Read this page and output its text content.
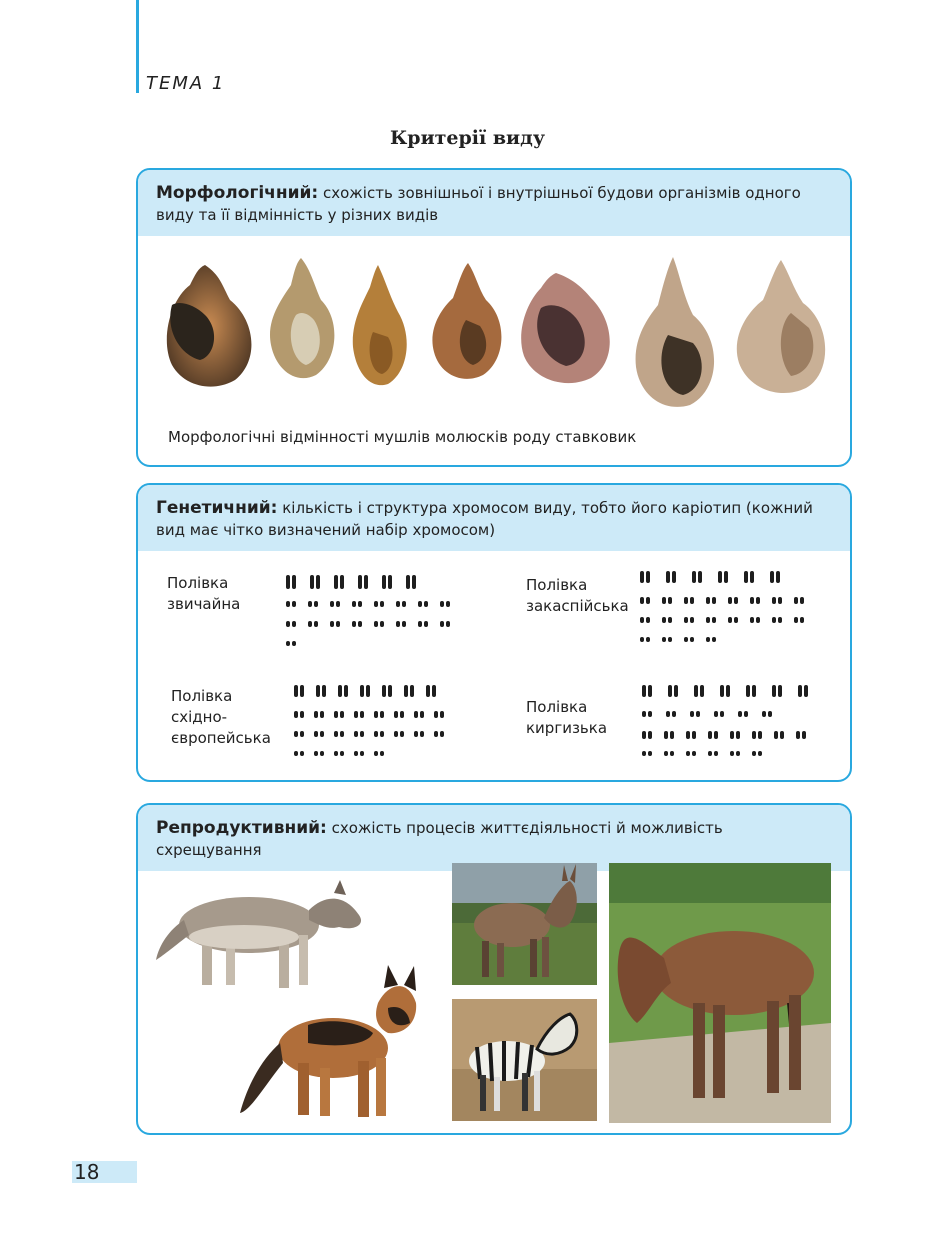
ТЕМА 1
Критерії виду
Морфологічний: схожість зовнішньої і внутрішньої будови організмів одного виду та її відмінність у різних видів
Морфологічні відмінності мушлів молюсків роду ставковик
Генетичний: кількість і структура хромосом виду, тобто його каріотип (кожний вид має чітко визначений набір хромосом)
Полівка
звичайна
Полівка
закаспійська
Полівка
східно-
європейська
Полівка
киргизька
Репродуктивний: схожість процесів життєдіяльності й можливість схрещування
18
